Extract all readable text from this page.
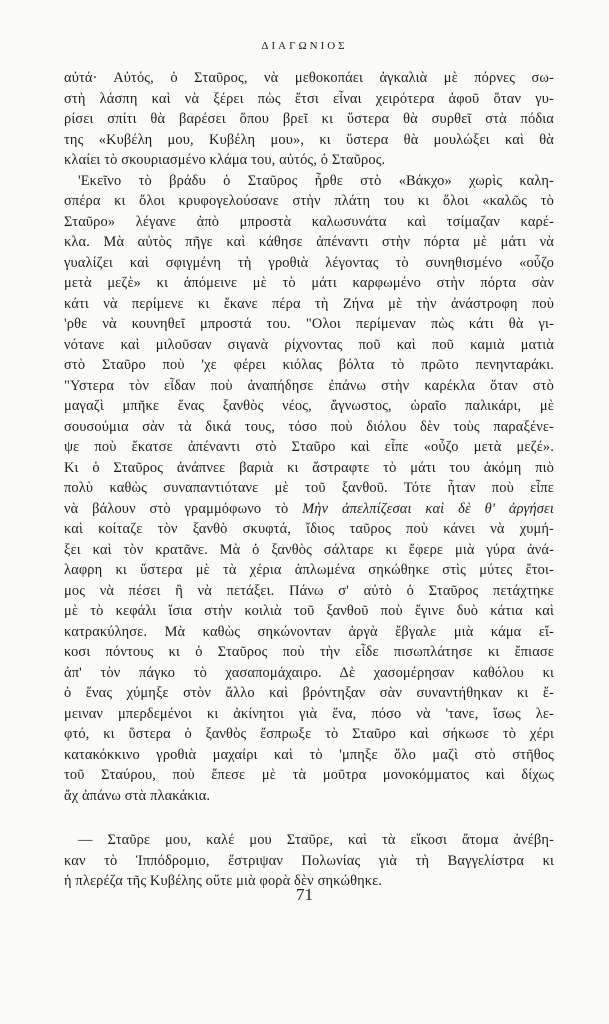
ΔΙΑΓΩΝΙΟΣ
αὐτά· Αὐτός, ὁ Σταῦρος, νὰ μεθοκοπάει ἀγκαλιὰ μὲ πόρνες σω-
στὴ λάσπη καὶ νὰ ξέρει πὼς ἔτσι εἶναι χειρότερα ἀφοῦ ὅταν γυ-
ρίσει σπίτι θὰ βαρέσει ὅπου βρεῖ κι ὕστερα θὰ συρθεῖ στὰ πόδια
της «Κυβέλη μου, Κυβέλη μου», κι ὕστερα θὰ μουλώξει καὶ θὰ
κλαίει τὸ σκουριασμένο κλάμα του, αὐτός, ὁ Σταῦρος.
'Εκεῖνο τὸ βράδυ ὁ Σταῦρος ἦρθε στὸ «Βάκχο» χωρὶς καλη-
σπέρα κι ὅλοι κρυφογελούσανε στὴν πλάτη του κι ὅλοι «καλῶς τὸ
Σταῦρο» λέγανε ἀπὸ μπροστὰ καλωσυνάτα καὶ τσίμαζαν καρέ-
κλα. Μὰ αὐτὸς πῆγε καὶ κάθησε ἀπέναντι στὴν πόρτα μὲ μάτι νὰ
γυαλίζει καὶ σφιγμένη τὴ γροθιὰ λέγοντας τὸ συνηθισμένο «οὖζο
μετὰ μεζὲ» κι ἀπόμεινε μὲ τὸ μάτι καρφωμένο στὴν πόρτα σὰν
κάτι νὰ περίμενε κι ἔκανε πέρα τὴ Ζήνα μὲ τὴν ἀνάστροφη ποὺ
'ρθε νὰ κουνηθεῖ μπροστά του. "Ολοι περίμεναν πὼς κάτι θὰ γι-
νότανε καὶ μιλοῦσαν σιγανὰ ρίχνοντας ποῦ καὶ ποῦ καμιὰ ματιὰ
στὸ Σταῦρο ποὺ 'χε φέρει κιόλας βόλτα τὸ πρῶτο πενηνταράκι.
"Υστερα τὸν εἶδαν ποὺ ἀναπήδησε ἐπάνω στὴν καρέκλα ὅταν στὸ
μαγαζὶ μπῆκε ἕνας ξανθὸς νέος, ἄγνωστος, ὡραῖο παλικάρι, μὲ
σουσούμια σὰν τὰ δικά τους, τόσο ποὺ διόλου δὲν τοὺς παραξένε-
ψε ποὺ ἔκατσε ἀπέναντι στὸ Σταῦρο καὶ εἶπε «οὖζο μετὰ μεζέ».
Κι ὁ Σταῦρος ἀνάπνεε βαριὰ κι ἄστραφτε τὸ μάτι του ἀκόμη πιὸ
πολὺ καθὼς συναπαντιότανε μὲ τοῦ ξανθοῦ. Τότε ἦταν ποὺ εἶπε
νὰ βάλουν στὸ γραμμόφωνο τὸ Μὴν ἀπελπίζεσαι καὶ δὲ θ' ἀργήσει
καὶ κοίταζε τὸν ξανθὸ σκυφτά, ἴδιος ταῦρος ποὺ κάνει νὰ χυμή-
ξει καὶ τὸν κρατᾶνε. Μὰ ὁ ξανθὸς σάλταρε κι ἔφερε μιὰ γύρα ἀνά-
λαφρη κι ὕστερα μὲ τὰ χέρια ἁπλωμένα σηκώθηκε στὶς μύτες ἔτοι-
μος νὰ πέσει ἢ νὰ πετάξει. Πάνω σ' αὐτὸ ὁ Σταῦρος πετάχτηκε
μὲ τὸ κεφάλι ἴσια στὴν κοιλιὰ τοῦ ξανθοῦ ποὺ ἔγινε δυὸ κάτια καὶ
κατρακύλησε. Μὰ καθὼς σηκώνονταν ἀργὰ ἔβγαλε μιὰ κάμα εἴ-
κοσι πόντους κι ὁ Σταῦρος ποὺ τὴν εἶδε πισωπλάτησε κι ἔπιασε
ἀπ' τὸν πάγκο τὸ χασαπομάχαιρο. Δὲ χασομέρησαν καθόλου κι
ὁ ἕνας χύμηξε στὸν ἄλλο καὶ βρόντηξαν σὰν συναντήθηκαν κι ἔ-
μειναν μπερδεμένοι κι ἀκίνητοι γιὰ ἕνα, πόσο νὰ 'τανε, ἴσως λε-
φτό, κι ὕστερα ὁ ξανθὸς ἔσπρωξε τὸ Σταῦρο καὶ σήκωσε τὸ χέρι
κατακόκκινο γροθιὰ μαχαίρι καὶ τὸ 'μπηξε ὅλο μαζὶ στὸ στῆθος
τοῦ Σταύρου, ποὺ ἔπεσε μὲ τὰ μοῦτρα μονοκόμματος καὶ δίχως
ἄχ ἀπάνω στὰ πλακάκια.
— Σταῦρε μου, καλέ μου Σταῦρε, καὶ τὰ εἴκοσι ἄτομα ἀνέβη-
καν τὸ Ἱππόδρομιο, ἔστριψαν Πολωνίας γιὰ τὴ Βαγγελίστρα κι
ἡ πλερέζα τῆς Κυβέλης οὔτε μιὰ φορὰ δὲν σηκώθηκε.
71
